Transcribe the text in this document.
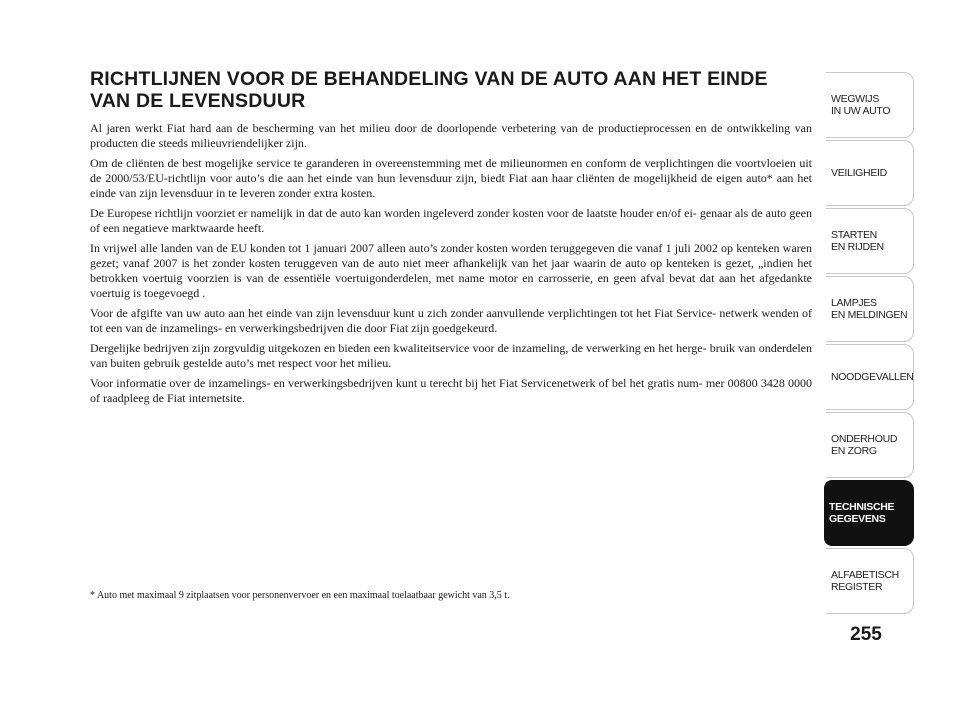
RICHTLIJNEN VOOR DE BEHANDELING VAN DE AUTO AAN HET EINDE VAN DE LEVENSDUUR

Al jaren werkt Fiat hard aan de bescherming van het milieu door de doorlopende verbetering van de productieprocessen en de ontwikkeling van producten die steeds milieuvriendelijker zijn.

Om de cliënten de best mogelijke service te garanderen in overeenstemming met de milieunormen en conform de verplichtingen die voortvloeien uit de 2000/53/EU-richtlijn voor auto’s die aan het einde van hun levensduur zijn, biedt Fiat aan haar cliënten de mogelijkheid de eigen auto* aan het einde van zijn levensduur in te leveren zonder extra kosten.

De Europese richtlijn voorziet er namelijk in dat de auto kan worden ingeleverd zonder kosten voor de laatste houder en/of ei- genaar als de auto geen of een negatieve marktwaarde heeft.

In vrijwel alle landen van de EU konden tot 1 januari 2007 alleen auto’s zonder kosten worden teruggegeven die vanaf 1 juli 2002 op kenteken waren gezet; vanaf 2007 is het zonder kosten teruggeven van de auto niet meer afhankelijk van het jaar waarin de auto op kenteken is gezet, „indien het betrokken voertuig voorzien is van de essentiële voertuigonderdelen, met name motor en carrosserie, en geen afval bevat dat aan het afgedankte voertuig is toegevoegd .

Voor de afgifte van uw auto aan het einde van zijn levensduur kunt u zich zonder aanvullende verplichtingen tot het Fiat Service- netwerk wenden of tot een van de inzamelings- en verwerkingsbedrijven die door Fiat zijn goedgekeurd.

Dergelijke bedrijven zijn zorgvuldig uitgekozen en bieden een kwaliteitservice voor de inzameling, de verwerking en het herge- bruik van onderdelen van buiten gebruik gestelde auto’s met respect voor het milieu.

Voor informatie over de inzamelings- en verwerkingsbedrijven kunt u terecht bij het Fiat Servicenetwerk of bel het gratis num- mer 00800 3428 0000 of raadpleeg de Fiat internetsite.

* Auto met maximaal 9 zitplaatsen voor personenvervoer en een maximaal toelaatbaar gewicht van 3,5 t.

WEGWIJS
IN UW AUTO
VEILIGHEID
STARTEN
EN RIJDEN
LAMPJES
EN MELDINGEN
NOODGEVALLEN
ONDERHOUD
EN ZORG
TECHNISCHE
GEGEVENS
ALFABETISCH
REGISTER
255
